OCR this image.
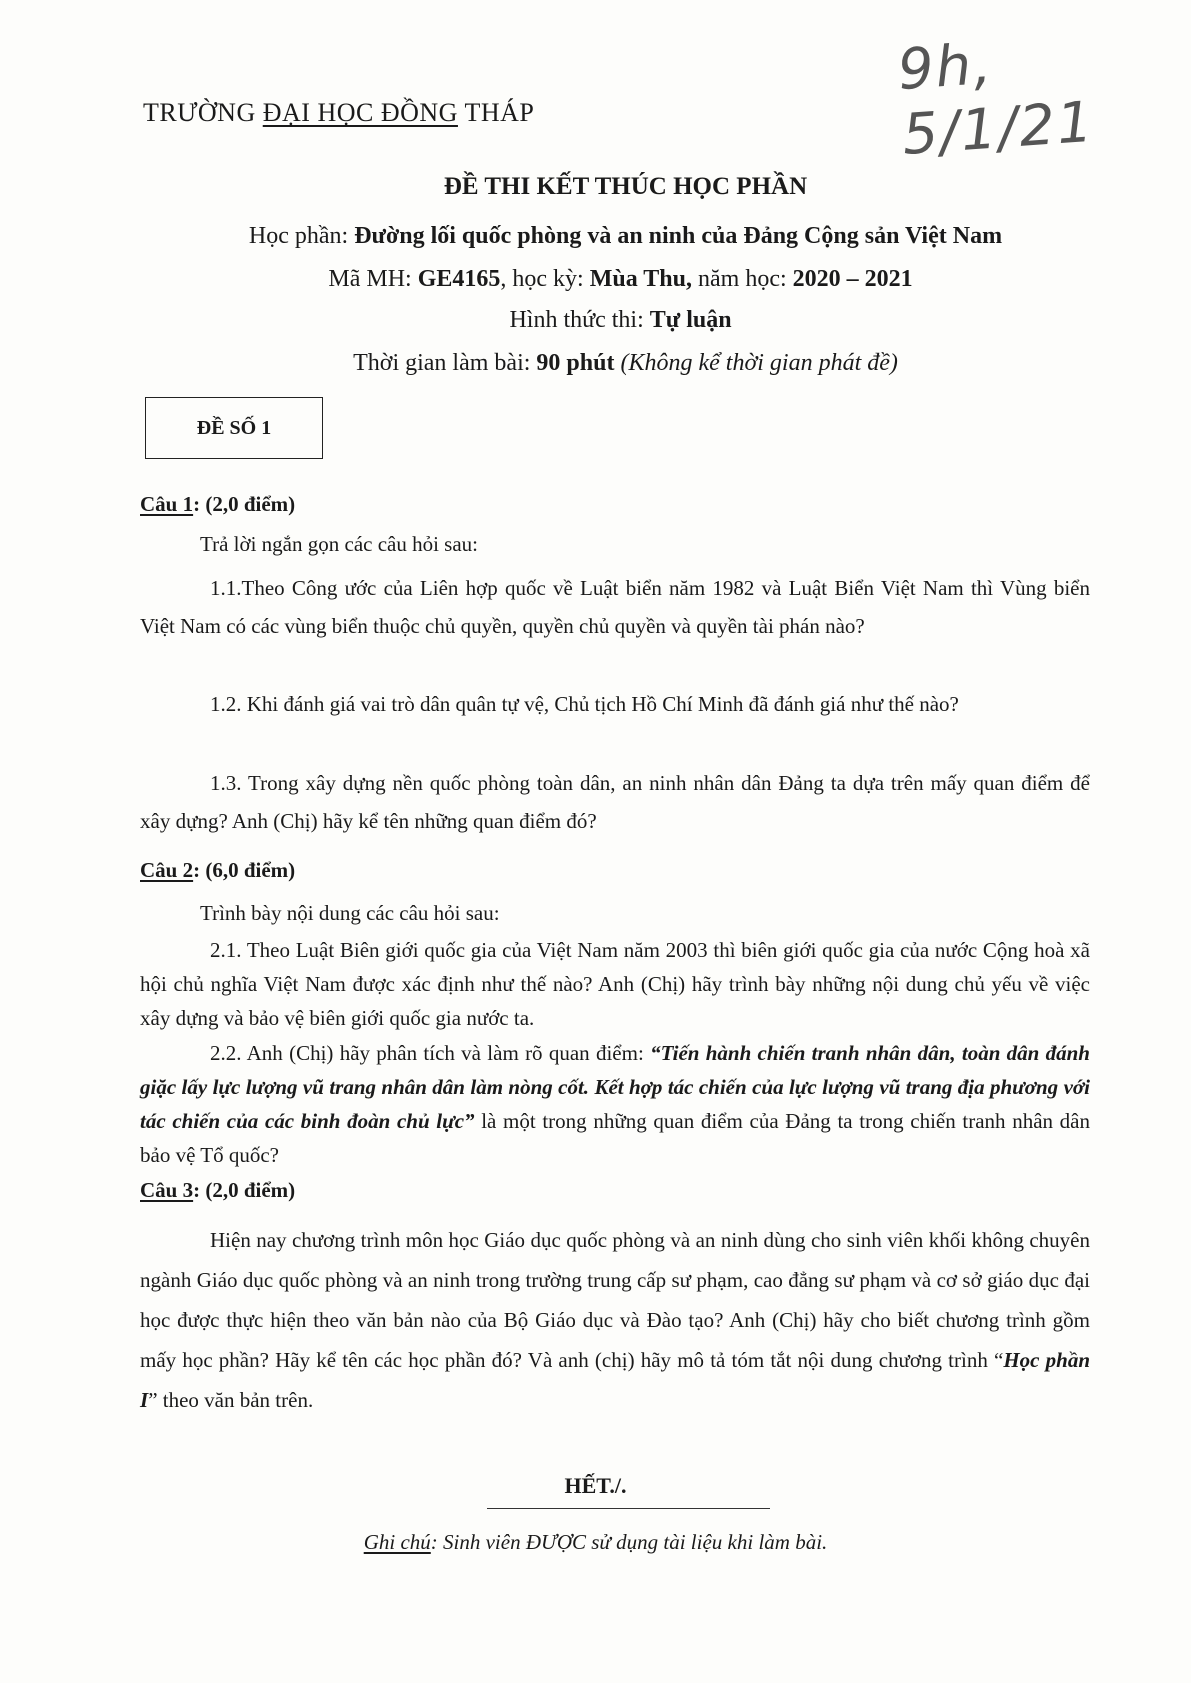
9h, 5/1/21
TRƯỜNG ĐẠI HỌC ĐỒNG THÁP
ĐỀ THI KẾT THÚC HỌC PHẦN
Học phần: Đường lối quốc phòng và an ninh của Đảng Cộng sản Việt Nam
Mã MH: GE4165, học kỳ: Mùa Thu, năm học: 2020 – 2021
Hình thức thi: Tự luận
Thời gian làm bài: 90 phút (Không kể thời gian phát đề)
ĐỀ SỐ 1
Câu 1: (2,0 điểm)
Trả lời ngắn gọn các câu hỏi sau:
1.1.Theo Công ước của Liên hợp quốc về Luật biển năm 1982 và Luật Biển Việt Nam thì Vùng biển Việt Nam có các vùng biển thuộc chủ quyền, quyền chủ quyền và quyền tài phán nào?
1.2. Khi đánh giá vai trò dân quân tự vệ, Chủ tịch Hồ Chí Minh đã đánh giá như thế nào?
1.3. Trong xây dựng nền quốc phòng toàn dân, an ninh nhân dân Đảng ta dựa trên mấy quan điểm để xây dựng? Anh (Chị) hãy kể tên những quan điểm đó?
Câu 2: (6,0 điểm)
Trình bày nội dung các câu hỏi sau:
2.1. Theo Luật Biên giới quốc gia của Việt Nam năm 2003 thì biên giới quốc gia của nước Cộng hoà xã hội chủ nghĩa Việt Nam được xác định như thế nào? Anh (Chị) hãy trình bày những nội dung chủ yếu về việc xây dựng và bảo vệ biên giới quốc gia nước ta.
2.2. Anh (Chị) hãy phân tích và làm rõ quan điểm: “Tiến hành chiến tranh nhân dân, toàn dân đánh giặc lấy lực lượng vũ trang nhân dân làm nòng cốt. Kết hợp tác chiến của lực lượng vũ trang địa phương với tác chiến của các binh đoàn chủ lực” là một trong những quan điểm của Đảng ta trong chiến tranh nhân dân bảo vệ Tổ quốc?
Câu 3: (2,0 điểm)
Hiện nay chương trình môn học Giáo dục quốc phòng và an ninh dùng cho sinh viên khối không chuyên ngành Giáo dục quốc phòng và an ninh trong trường trung cấp sư phạm, cao đẳng sư phạm và cơ sở giáo dục đại học được thực hiện theo văn bản nào của Bộ Giáo dục và Đào tạo? Anh (Chị) hãy cho biết chương trình gồm mấy học phần? Hãy kể tên các học phần đó? Và anh (chị) hãy mô tả tóm tắt nội dung chương trình “Học phần I” theo văn bản trên.
HẾT./.
Ghi chú: Sinh viên ĐƯỢC sử dụng tài liệu khi làm bài.
